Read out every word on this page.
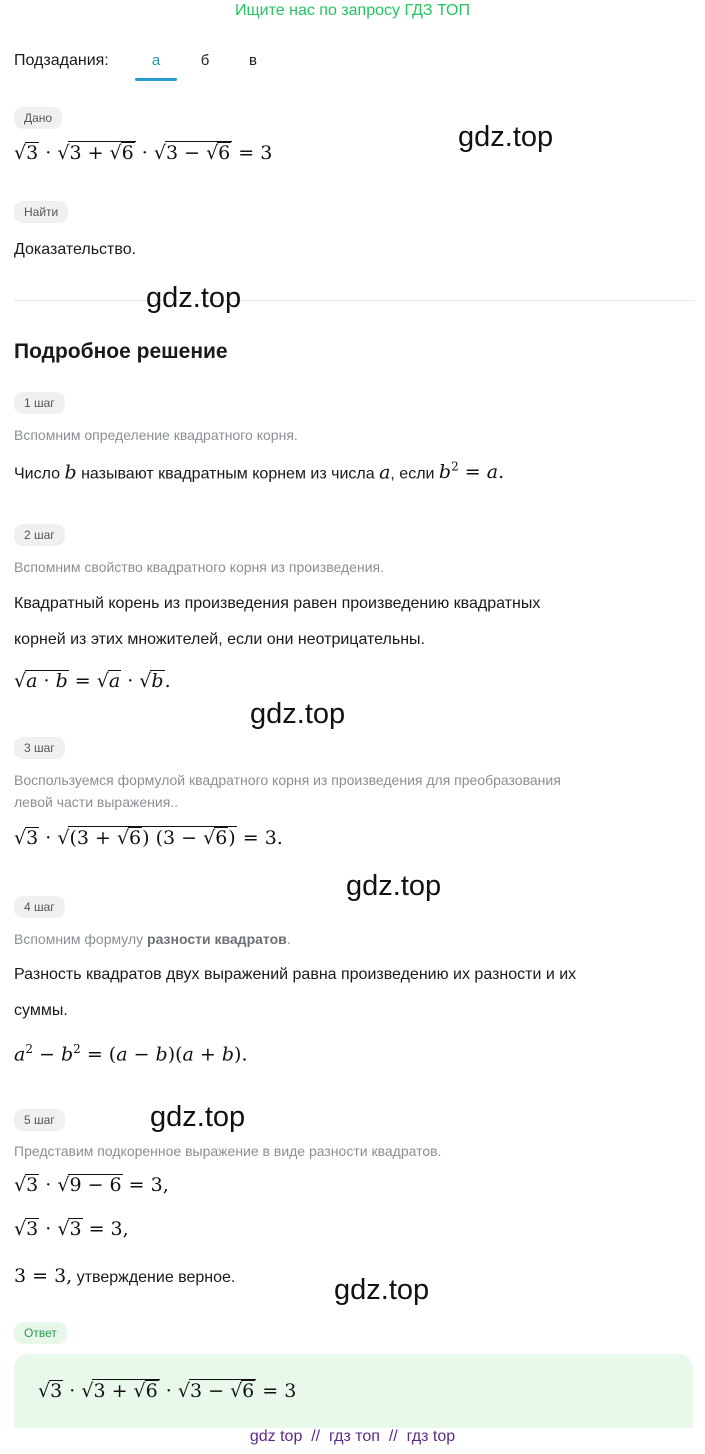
Ищите нас по запросу ГДЗ ТОП
Подзадания:	а	б	в
Дано
√3 · √3 + √6 · √3 − √6 = 3
Найти
Доказательство.
Подробное решение
1 шаг
Вспомним определение квадратного корня.
Число b называют квадратным корнем из числа a, если $b^2 = a$.
2 шаг
Вспомним свойство квадратного корня из произведения.
Квадратный корень из произведения равен произведению квадратных
корней из этих множителей, если они неотрицательны.
√a · b = √a · √b.
3 шаг
Воспользуемся формулой квадратного корня из произведения для преобразования
левой части выражения..
√3 · √(3 + √6) (3 − √6) = 3.
4 шаг
Вспомним формулу разности квадратов.
Разность квадратов двух выражений равна произведению их разности и их
суммы.
$a^2 - b^2 = (a - b)(a + b)$.
5 шаг
Представим подкоренное выражение в виде разности квадратов.
√3 · √9 − 6 = 3,
√3 · √3 = 3,
3 = 3, утверждение верное.
Ответ
√3 · √3 + √6 · √3 − √6 = 3
gdz.top
gdz.top
gdz.top
gdz.top
gdz.top
gdz.top
gdz top // гдз топ // гдз top
